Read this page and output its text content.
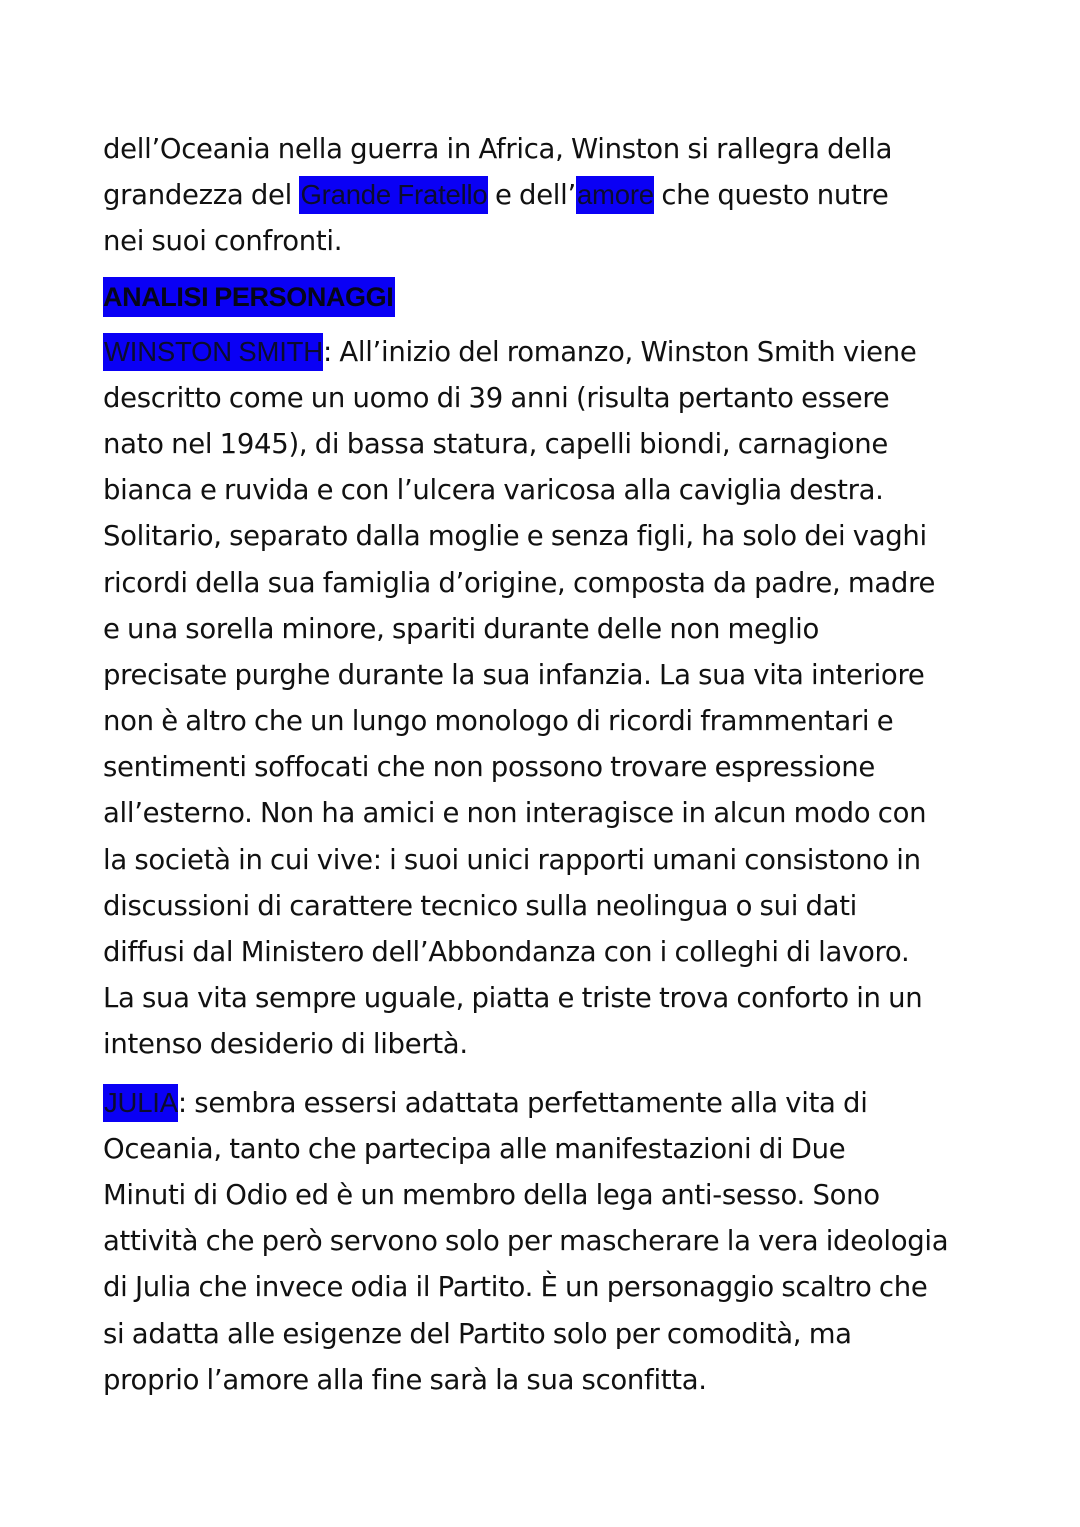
dell’Oceania nella guerra in Africa, Winston si rallegra della
grandezza del Grande Fratello e dell’amore che questo nutre
nei suoi confronti.
ANALISI PERSONAGGI
WINSTON SMITH: All’inizio del romanzo, Winston Smith viene
descritto come un uomo di 39 anni (risulta pertanto essere
nato nel 1945), di bassa statura, capelli biondi, carnagione
bianca e ruvida e con l’ulcera varicosa alla caviglia destra.
Solitario, separato dalla moglie e senza figli, ha solo dei vaghi
ricordi della sua famiglia d’origine, composta da padre, madre
e una sorella minore, spariti durante delle non meglio
precisate purghe durante la sua infanzia. La sua vita interiore
non è altro che un lungo monologo di ricordi frammentari e
sentimenti soffocati che non possono trovare espressione
all’esterno. Non ha amici e non interagisce in alcun modo con
la società in cui vive: i suoi unici rapporti umani consistono in
discussioni di carattere tecnico sulla neolingua o sui dati
diffusi dal Ministero dell’Abbondanza con i colleghi di lavoro.
La sua vita sempre uguale, piatta e triste trova conforto in un
intenso desiderio di libertà.
JULIA: sembra essersi adattata perfettamente alla vita di
Oceania, tanto che partecipa alle manifestazioni di Due
Minuti di Odio ed è un membro della lega anti-sesso. Sono
attività che però servono solo per mascherare la vera ideologia
di Julia che invece odia il Partito. È un personaggio scaltro che
si adatta alle esigenze del Partito solo per comodità, ma
proprio l’amore alla fine sarà la sua sconfitta.
